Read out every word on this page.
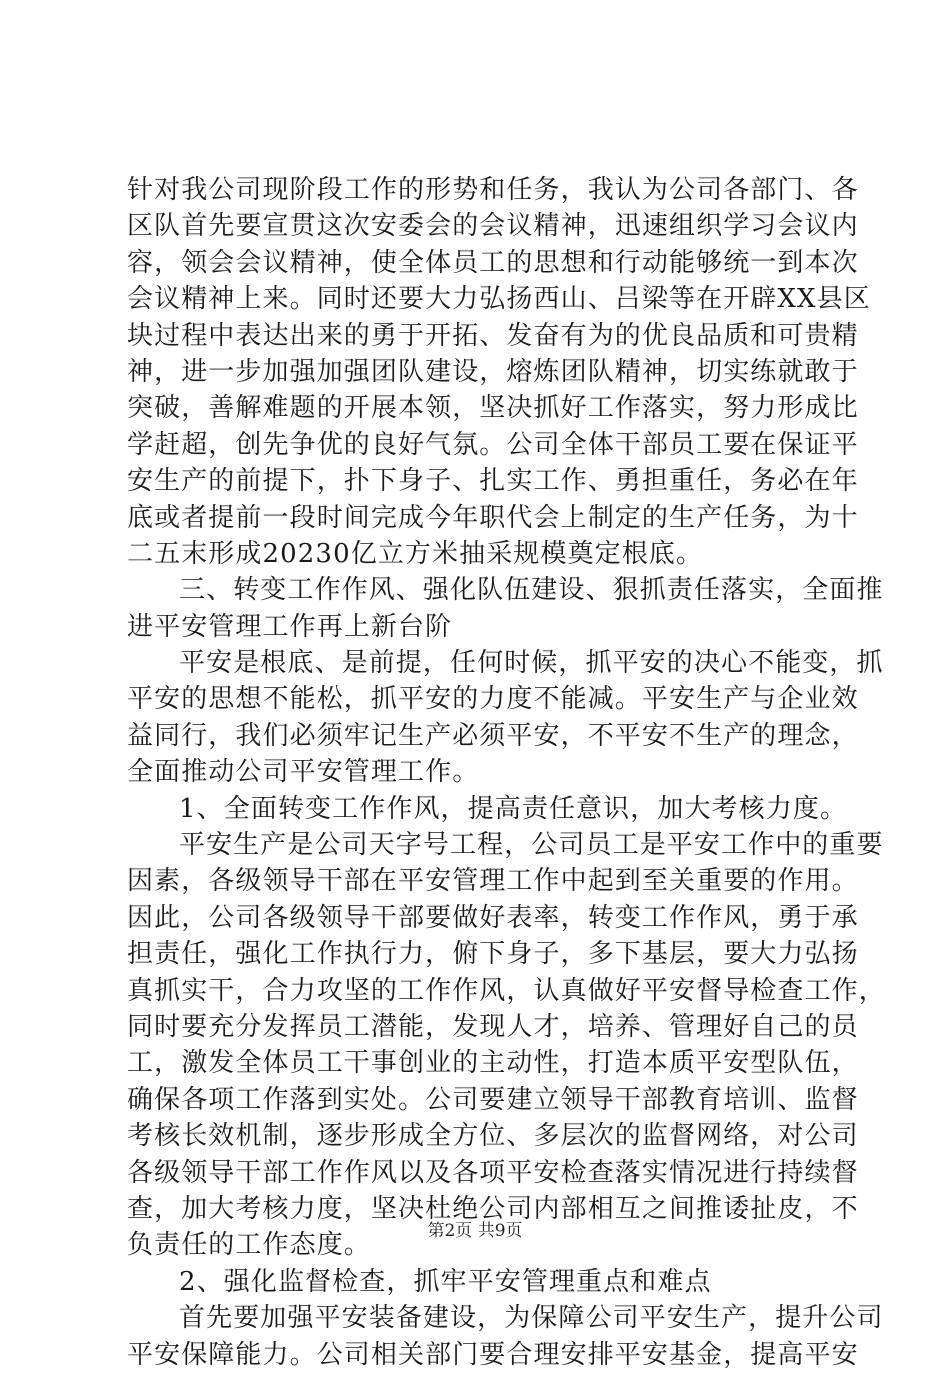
针对我公司现阶段工作的形势和任务，我认为公司各部门、各
区队首先要宣贯这次安委会的会议精神，迅速组织学习会议内
容，领会会议精神，使全体员工的思想和行动能够统一到本次
会议精神上来。同时还要大力弘扬西山、吕梁等在开辟XX县区
块过程中表达出来的勇于开拓、发奋有为的优良品质和可贵精
神，进一步加强加强团队建设，熔炼团队精神，切实练就敢于
突破，善解难题的开展本领，坚决抓好工作落实，努力形成比
学赶超，创先争优的良好气氛。公司全体干部员工要在保证平
安生产的前提下，扑下身子、扎实工作、勇担重任，务必在年
底或者提前一段时间完成今年职代会上制定的生产任务，为十
二五末形成20230亿立方米抽采规模奠定根底。
三、转变工作作风、强化队伍建设、狠抓责任落实，全面推
进平安管理工作再上新台阶
平安是根底、是前提，任何时候，抓平安的决心不能变，抓
平安的思想不能松，抓平安的力度不能减。平安生产与企业效
益同行，我们必须牢记生产必须平安，不平安不生产的理念，
全面推动公司平安管理工作。
1、全面转变工作作风，提高责任意识，加大考核力度。
平安生产是公司天字号工程，公司员工是平安工作中的重要
因素，各级领导干部在平安管理工作中起到至关重要的作用。
因此，公司各级领导干部要做好表率，转变工作作风，勇于承
担责任，强化工作执行力，俯下身子，多下基层，要大力弘扬
真抓实干，合力攻坚的工作作风，认真做好平安督导检查工作，
同时要充分发挥员工潜能，发现人才，培养、管理好自己的员
工，激发全体员工干事创业的主动性，打造本质平安型队伍，
确保各项工作落到实处。公司要建立领导干部教育培训、监督
考核长效机制，逐步形成全方位、多层次的监督网络，对公司
各级领导干部工作作风以及各项平安检查落实情况进行持续督
查，加大考核力度，坚决杜绝公司内部相互之间推诿扯皮，不
负责任的工作态度。
2、强化监督检查，抓牢平安管理重点和难点
首先要加强平安装备建设，为保障公司平安生产，提升公司
平安保障能力。公司相关部门要合理安排平安基金，提高平安
第2页 共9页
